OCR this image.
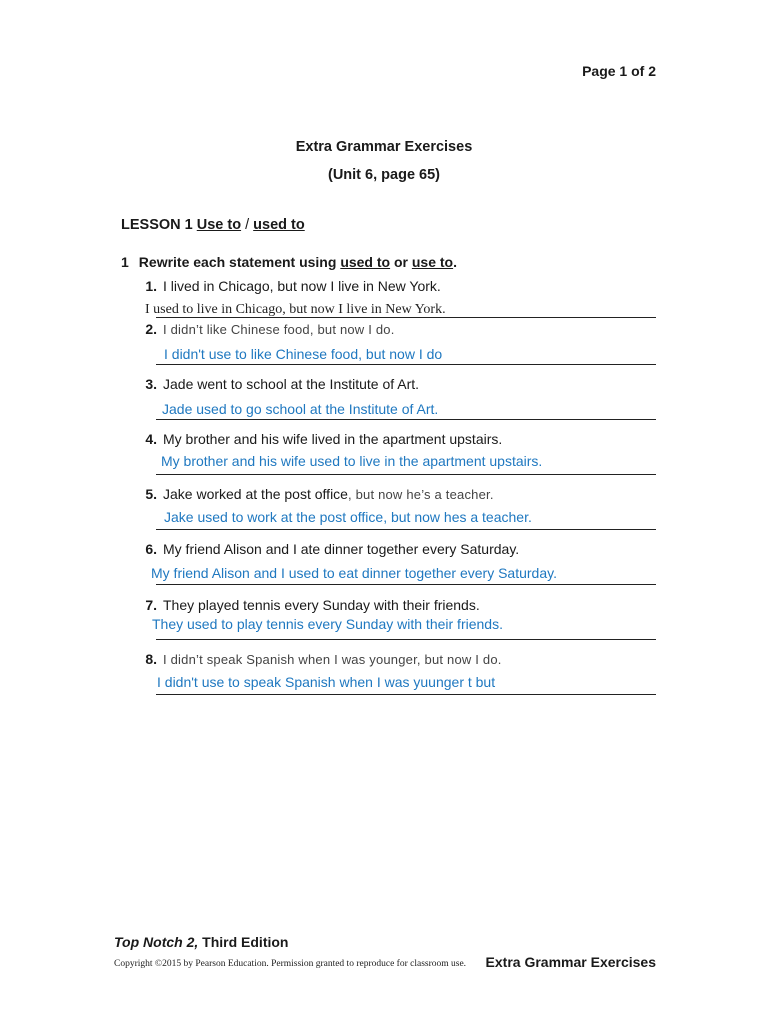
Page 1 of 2
Extra Grammar Exercises
(Unit 6, page 65)
LESSON 1 Use to / used to
1 Rewrite each statement using used to or use to.
1. I lived in Chicago, but now I live in New York.
I used to live in Chicago, but now I live in New York.
2. I didn’t like Chinese food, but now I do.
I didn't use to like Chinese food, but now I do
3. Jade went to school at the Institute of Art.
Jade used to go school at the Institute of Art.
4. My brother and his wife lived in the apartment upstairs.
My brother and his wife used to live in the apartment upstairs.
5. Jake worked at the post office, but now he’s a teacher.
Jake used to work at the post office, but now hes a teacher.
6. My friend Alison and I ate dinner together every Saturday.
My friend Alison and I used to eat dinner together every Saturday.
7. They played tennis every Sunday with their friends.
They used to play tennis every Sunday with their friends.
8. I didn’t speak Spanish when I was younger, but now I do.
I didn't use to speak Spanish when I was yuunger t but
Top Notch 2, Third Edition
Copyright ©2015 by Pearson Education. Permission granted to reproduce for classroom use. Extra Grammar Exercises
